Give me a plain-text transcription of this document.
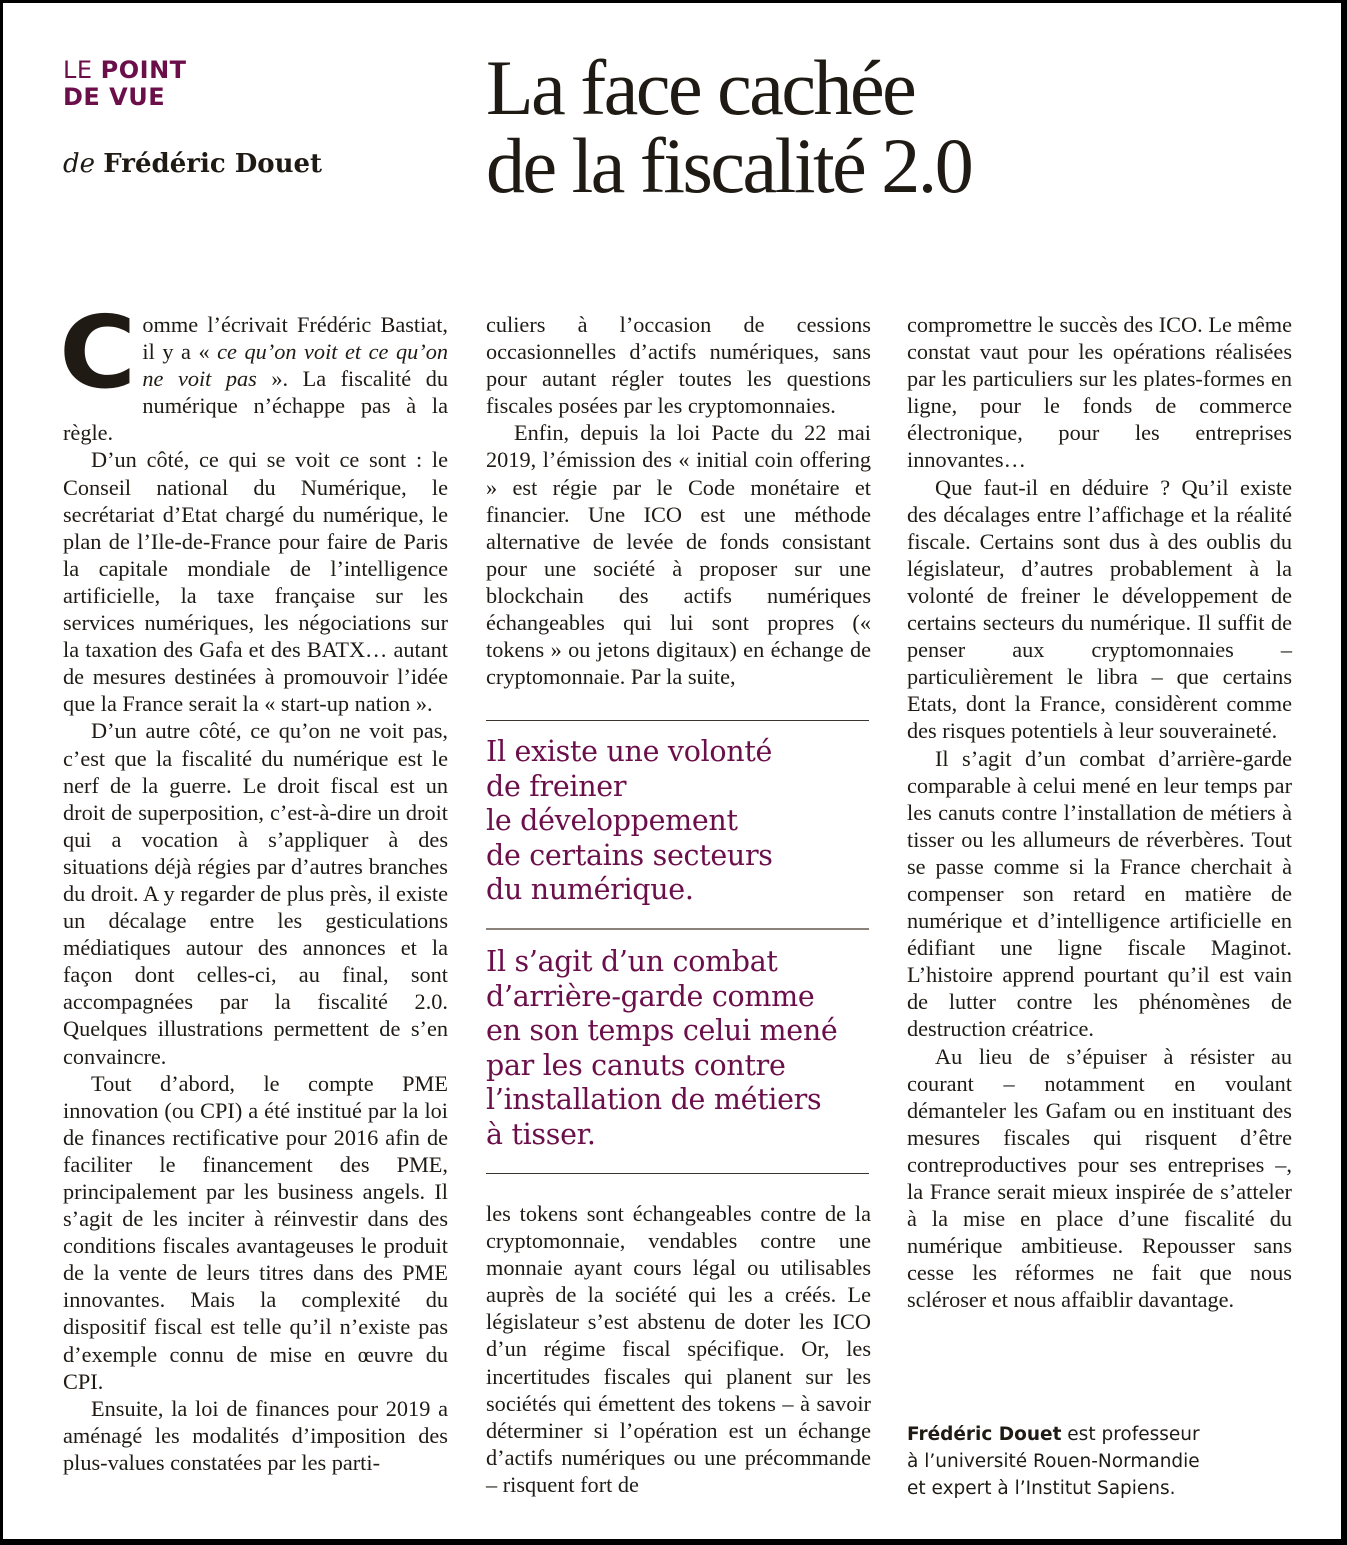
LE POINT
DE VUE
de Frédéric Douet
La face cachée
de la fiscalité 2.0

Comme l’écrivait Frédéric Bastiat, il y a « ce qu’on voit et ce qu’on ne voit pas ». La fiscalité du numérique n’échappe pas à la règle.

D’un côté, ce qui se voit ce sont : le Conseil national du Numérique, le secrétariat d’Etat chargé du numérique, le plan de l’Ile-de-France pour faire de Paris la capitale mondiale de l’intelligence artificielle, la taxe française sur les services numériques, les négociations sur la taxation des Gafa et des BATX… autant de mesures destinées à promouvoir l’idée que la France serait la « start-up nation ».

D’un autre côté, ce qu’on ne voit pas, c’est que la fiscalité du numérique est le nerf de la guerre. Le droit fiscal est un droit de superposition, c’est-à-dire un droit qui a vocation à s’appliquer à des situations déjà régies par d’autres branches du droit. A y regarder de plus près, il existe un décalage entre les gesticulations médiatiques autour des annonces et la façon dont celles-ci, au final, sont accompagnées par la fiscalité 2.0. Quelques illustrations permettent de s’en convaincre.

Tout d’abord, le compte PME innovation (ou CPI) a été institué par la loi de finances rectificative pour 2016 afin de faciliter le financement des PME, principalement par les business angels. Il s’agit de les inciter à réinvestir dans des conditions fiscales avantageuses le produit de la vente de leurs titres dans des PME innovantes. Mais la complexité du dispositif fiscal est telle qu’il n’existe pas d’exemple connu de mise en œuvre du CPI.

Ensuite, la loi de finances pour 2019 a aménagé les modalités d’imposition des plus-values constatées par les parti-

culiers à l’occasion de cessions occasionnelles d’actifs numériques, sans pour autant régler toutes les questions fiscales posées par les cryptomonnaies.

Enfin, depuis la loi Pacte du 22 mai 2019, l’émission des « initial coin offering » est régie par le Code monétaire et financier. Une ICO est une méthode alternative de levée de fonds consistant pour une société à proposer sur une blockchain des actifs numériques échangeables qui lui sont propres (« tokens » ou jetons digitaux) en échange de cryptomonnaie. Par la suite,

Il existe une volonté
de freiner
le développement
de certains secteurs
du numérique.
Il s’agit d’un combat
d’arrière-garde comme
en son temps celui mené
par les canuts contre
l’installation de métiers
à tisser.

les tokens sont échangeables contre de la cryptomonnaie, vendables contre une monnaie ayant cours légal ou utilisables auprès de la société qui les a créés. Le législateur s’est abstenu de doter les ICO d’un régime fiscal spécifique. Or, les incertitudes fiscales qui planent sur les sociétés qui émettent des tokens – à savoir déterminer si l’opération est un échange d’actifs numériques ou une précommande – risquent fort de

compromettre le succès des ICO. Le même constat vaut pour les opérations réalisées par les particuliers sur les plates-formes en ligne, pour le fonds de commerce électronique, pour les entreprises innovantes…

Que faut-il en déduire ? Qu’il existe des décalages entre l’affichage et la réalité fiscale. Certains sont dus à des oublis du législateur, d’autres probablement à la volonté de freiner le développement de certains secteurs du numérique. Il suffit de penser aux cryptomonnaies – particulièrement le libra – que certains Etats, dont la France, considèrent comme des risques potentiels à leur souveraineté.

Il s’agit d’un combat d’arrière-garde comparable à celui mené en leur temps par les canuts contre l’installation de métiers à tisser ou les allumeurs de réverbères. Tout se passe comme si la France cherchait à compenser son retard en matière de numérique et d’intelligence artificielle en édifiant une ligne fiscale Maginot. L’histoire apprend pourtant qu’il est vain de lutter contre les phénomènes de destruction créatrice.

Au lieu de s’épuiser à résister au courant – notamment en voulant démanteler les Gafam ou en instituant des mesures fiscales qui risquent d’être contreproductives pour ses entreprises –, la France serait mieux inspirée de s’atteler à la mise en place d’une fiscalité du numérique ambitieuse. Repousser sans cesse les réformes ne fait que nous scléroser et nous affaiblir davantage.

Frédéric Douet est professeur
à l’université Rouen-Normandie
et expert à l’Institut Sapiens.
